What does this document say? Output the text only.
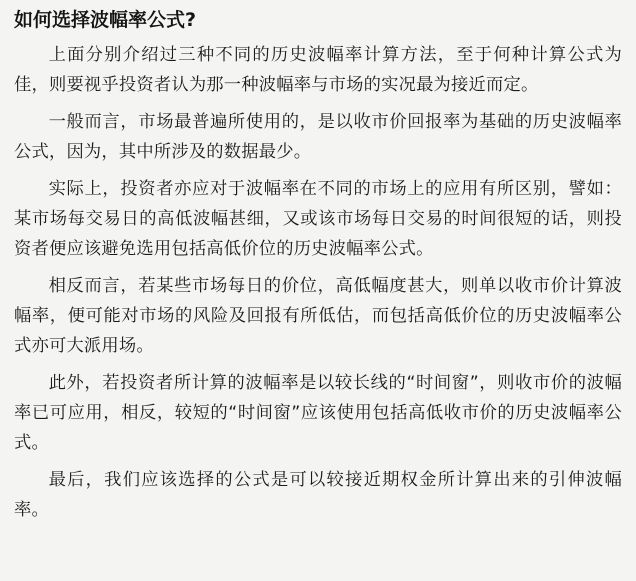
如何选择波幅率公式?

上面分别介绍过三种不同的历史波幅率计算方法，至于何种计算公式为佳，则要视乎投资者认为那一种波幅率与市场的实况最为接近而定。

一般而言，市场最普遍所使用的，是以收市价回报率为基础的历史波幅率公式，因为，其中所涉及的数据最少。

实际上，投资者亦应对于波幅率在不同的市场上的应用有所区别，譬如：某市场每交易日的高低波幅甚细，又或该市场每日交易的时间很短的话，则投资者便应该避免选用包括高低价位的历史波幅率公式。

相反而言，若某些市场每日的价位，高低幅度甚大，则单以收市价计算波幅率，便可能对市场的风险及回报有所低估，而包括高低价位的历史波幅率公式亦可大派用场。

此外，若投资者所计算的波幅率是以较长线的“时间窗”，则收市价的波幅率已可应用，相反，较短的“时间窗”应该使用包括高低收市价的历史波幅率公式。

最后，我们应该选择的公式是可以较接近期权金所计算出来的引伸波幅率。
